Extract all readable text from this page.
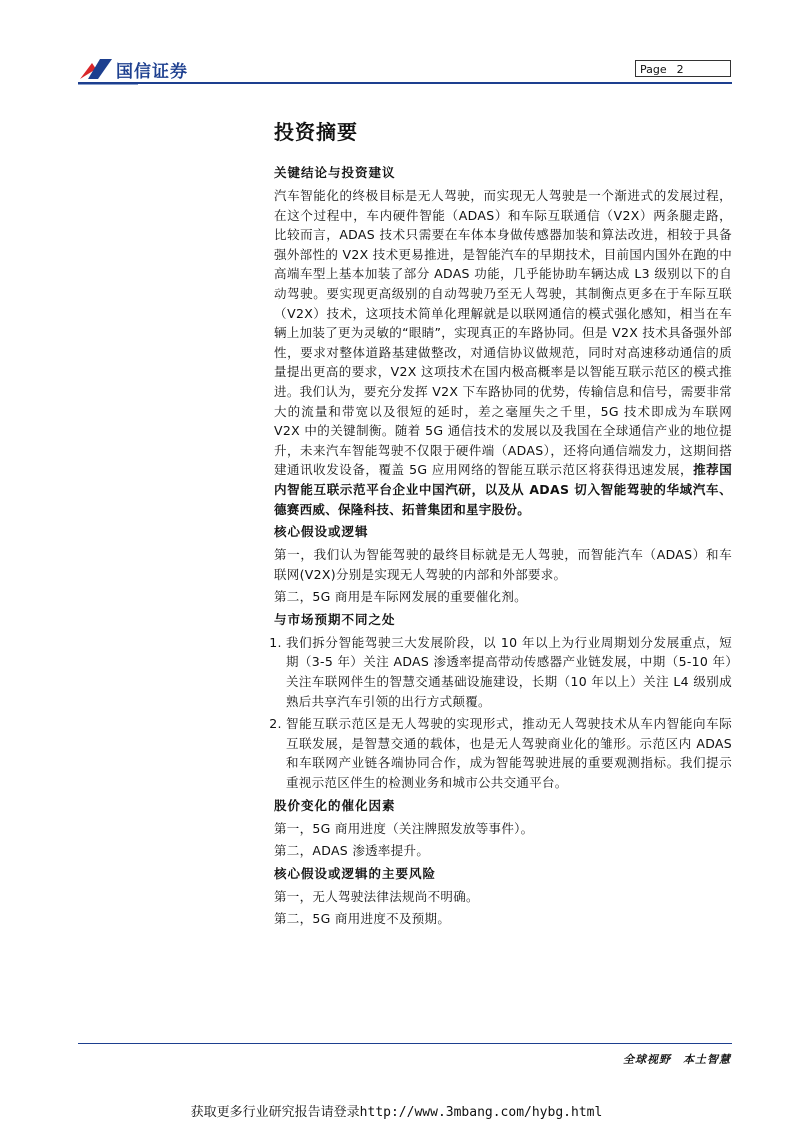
国信证券	Page 2
投资摘要
关键结论与投资建议

汽车智能化的终极目标是无人驾驶，而实现无人驾驶是一个渐进式的发展过程，在这个过程中，车内硬件智能（ADAS）和车际互联通信（V2X）两条腿走路，比较而言，ADAS 技术只需要在车体本身做传感器加装和算法改进，相较于具备强外部性的 V2X 技术更易推进，是智能汽车的早期技术，目前国内国外在跑的中高端车型上基本加装了部分 ADAS 功能，几乎能协助车辆达成 L3 级别以下的自动驾驶。要实现更高级别的自动驾驶乃至无人驾驶，其制衡点更多在于车际互联（V2X）技术，这项技术简单化理解就是以联网通信的模式强化感知，相当在车辆上加装了更为灵敏的“眼睛”，实现真正的车路协同。但是 V2X 技术具备强外部性，要求对整体道路基建做整改，对通信协议做规范，同时对高速移动通信的质量提出更高的要求，V2X 这项技术在国内极高概率是以智能互联示范区的模式推进。我们认为，要充分发挥 V2X 下车路协同的优势，传输信息和信号，需要非常大的流量和带宽以及很短的延时，差之毫厘失之千里，5G 技术即成为车联网 V2X 中的关键制衡。随着 5G 通信技术的发展以及我国在全球通信产业的地位提升，未来汽车智能驾驶不仅限于硬件端（ADAS），还将向通信端发力，这期间搭建通讯收发设备，覆盖 5G 应用网络的智能互联示范区将获得迅速发展，推荐国内智能互联示范平台企业中国汽研，以及从 ADAS 切入智能驾驶的华域汽车、德赛西威、保隆科技、拓普集团和星宇股份。

核心假设或逻辑

第一，我们认为智能驾驶的最终目标就是无人驾驶，而智能汽车（ADAS）和车联网(V2X)分别是实现无人驾驶的内部和外部要求。

第二，5G 商用是车际网发展的重要催化剂。

与市场预期不同之处
1. 我们拆分智能驾驶三大发展阶段，以 10 年以上为行业周期划分发展重点，短期（3-5 年）关注 ADAS 渗透率提高带动传感器产业链发展，中期（5-10 年）关注车联网伴生的智慧交通基础设施建设，长期（10 年以上）关注 L4 级别成熟后共享汽车引领的出行方式颠覆。
2. 智能互联示范区是无人驾驶的实现形式，推动无人驾驶技术从车内智能向车际互联发展，是智慧交通的载体，也是无人驾驶商业化的雏形。示范区内 ADAS 和车联网产业链各端协同合作，成为智能驾驶进展的重要观测指标。我们提示重视示范区伴生的检测业务和城市公共交通平台。
股价变化的催化因素

第一，5G 商用进度（关注牌照发放等事件）。

第二，ADAS 渗透率提升。

核心假设或逻辑的主要风险

第一，无人驾驶法律法规尚不明确。

第二，5G 商用进度不及预期。

全球视野 本土智慧
获取更多行业研究报告请登录http://www.3mbang.com/hybg.html
